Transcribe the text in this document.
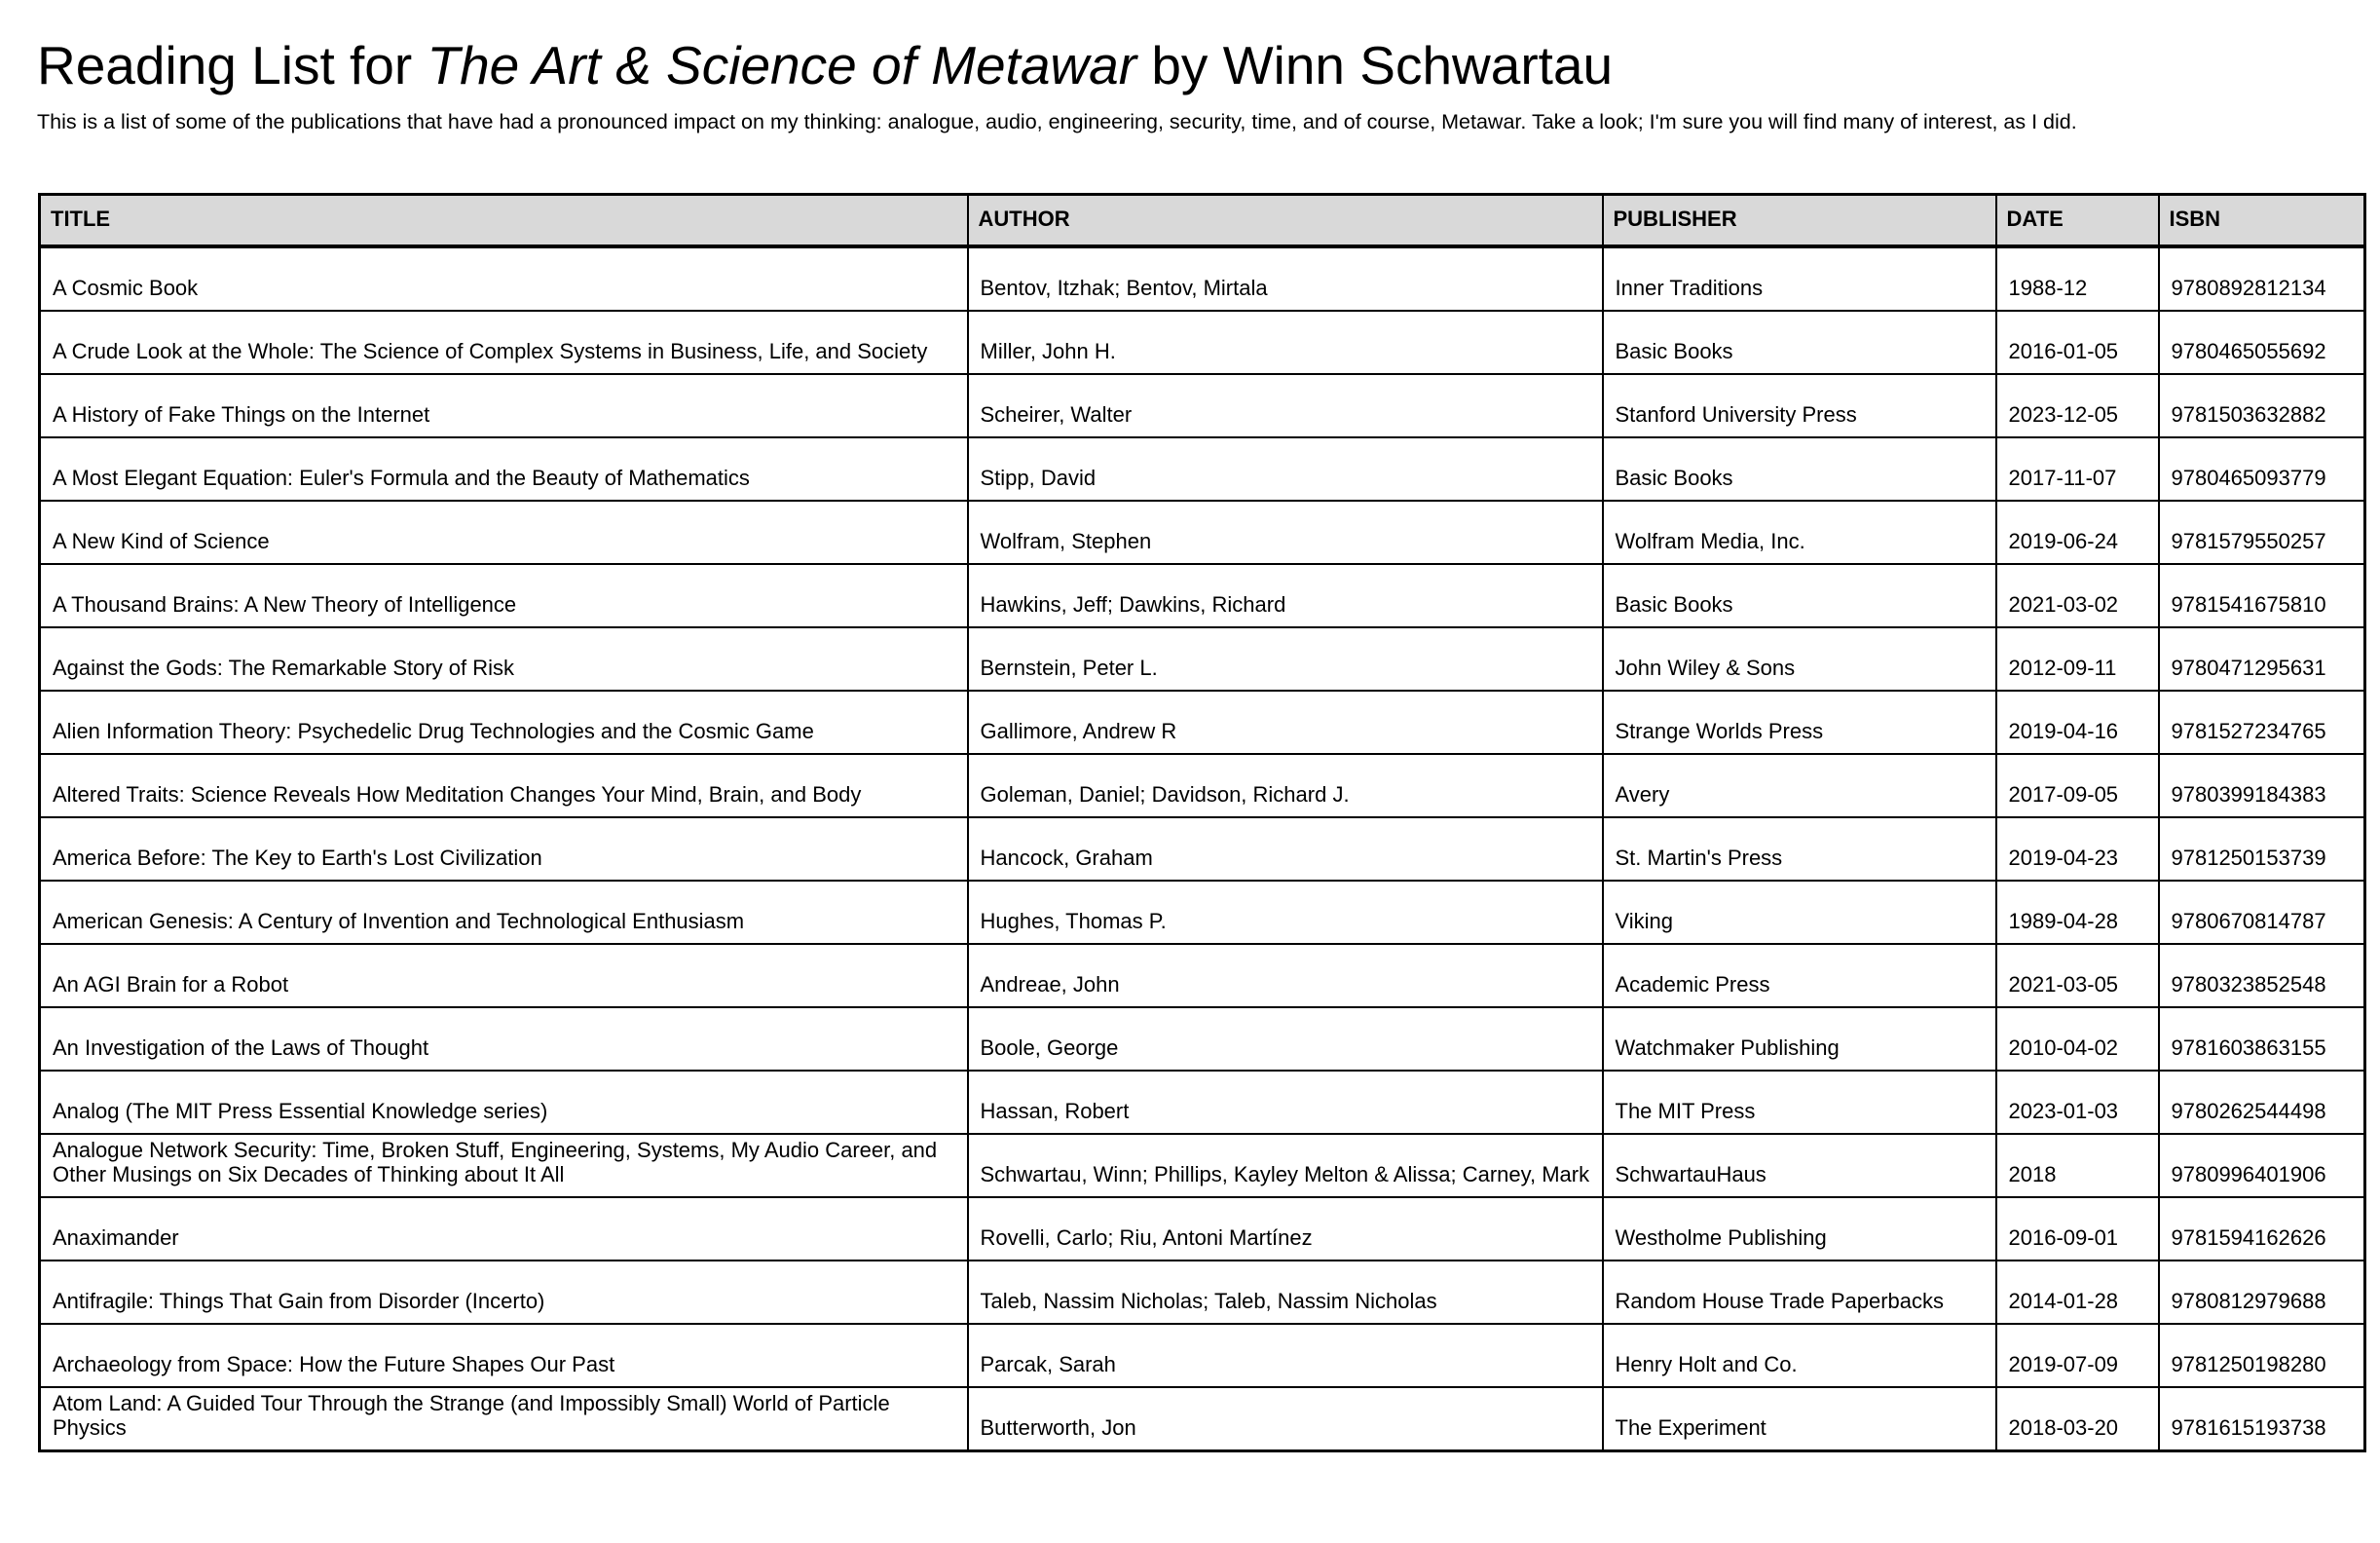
Reading List for The Art & Science of Metawar by Winn Schwartau

This is a list of some of the publications that have had a pronounced impact on my thinking: analogue, audio, engineering, security, time, and of course, Metawar. Take a look; I'm sure you will find many of interest, as I did.

TITLE	AUTHOR	PUBLISHER	DATE	ISBN
A Cosmic Book	Bentov, Itzhak; Bentov, Mirtala	Inner Traditions	1988-12	9780892812134
A Crude Look at the Whole: The Science of Complex Systems in Business, Life, and Society	Miller, John H.	Basic Books	2016-01-05	9780465055692
A History of Fake Things on the Internet	Scheirer, Walter	Stanford University Press	2023-12-05	9781503632882
A Most Elegant Equation: Euler's Formula and the Beauty of Mathematics	Stipp, David	Basic Books	2017-11-07	9780465093779
A New Kind of Science	Wolfram, Stephen	Wolfram Media, Inc.	2019-06-24	9781579550257
A Thousand Brains: A New Theory of Intelligence	Hawkins, Jeff; Dawkins, Richard	Basic Books	2021-03-02	9781541675810
Against the Gods: The Remarkable Story of Risk	Bernstein, Peter L.	John Wiley & Sons	2012-09-11	9780471295631
Alien Information Theory: Psychedelic Drug Technologies and the Cosmic Game	Gallimore, Andrew R	Strange Worlds Press	2019-04-16	9781527234765
Altered Traits: Science Reveals How Meditation Changes Your Mind, Brain, and Body	Goleman, Daniel; Davidson, Richard J.	Avery	2017-09-05	9780399184383
America Before: The Key to Earth's Lost Civilization	Hancock, Graham	St. Martin's Press	2019-04-23	9781250153739
American Genesis: A Century of Invention and Technological Enthusiasm	Hughes, Thomas P.	Viking	1989-04-28	9780670814787
An AGI Brain for a Robot	Andreae, John	Academic Press	2021-03-05	9780323852548
An Investigation of the Laws of Thought	Boole, George	Watchmaker Publishing	2010-04-02	9781603863155
Analog (The MIT Press Essential Knowledge series)	Hassan, Robert	The MIT Press	2023-01-03	9780262544498
Analogue Network Security: Time, Broken Stuff, Engineering, Systems, My Audio Career, and Other Musings on Six Decades of Thinking about It All	Schwartau, Winn; Phillips, Kayley Melton & Alissa; Carney, Mark	SchwartauHaus	2018	9780996401906
Anaximander	Rovelli, Carlo; Riu, Antoni Martínez	Westholme Publishing	2016-09-01	9781594162626
Antifragile: Things That Gain from Disorder (Incerto)	Taleb, Nassim Nicholas; Taleb, Nassim Nicholas	Random House Trade Paperbacks	2014-01-28	9780812979688
Archaeology from Space: How the Future Shapes Our Past	Parcak, Sarah	Henry Holt and Co.	2019-07-09	9781250198280
Atom Land: A Guided Tour Through the Strange (and Impossibly Small) World of Particle Physics	Butterworth, Jon	The Experiment	2018-03-20	9781615193738
